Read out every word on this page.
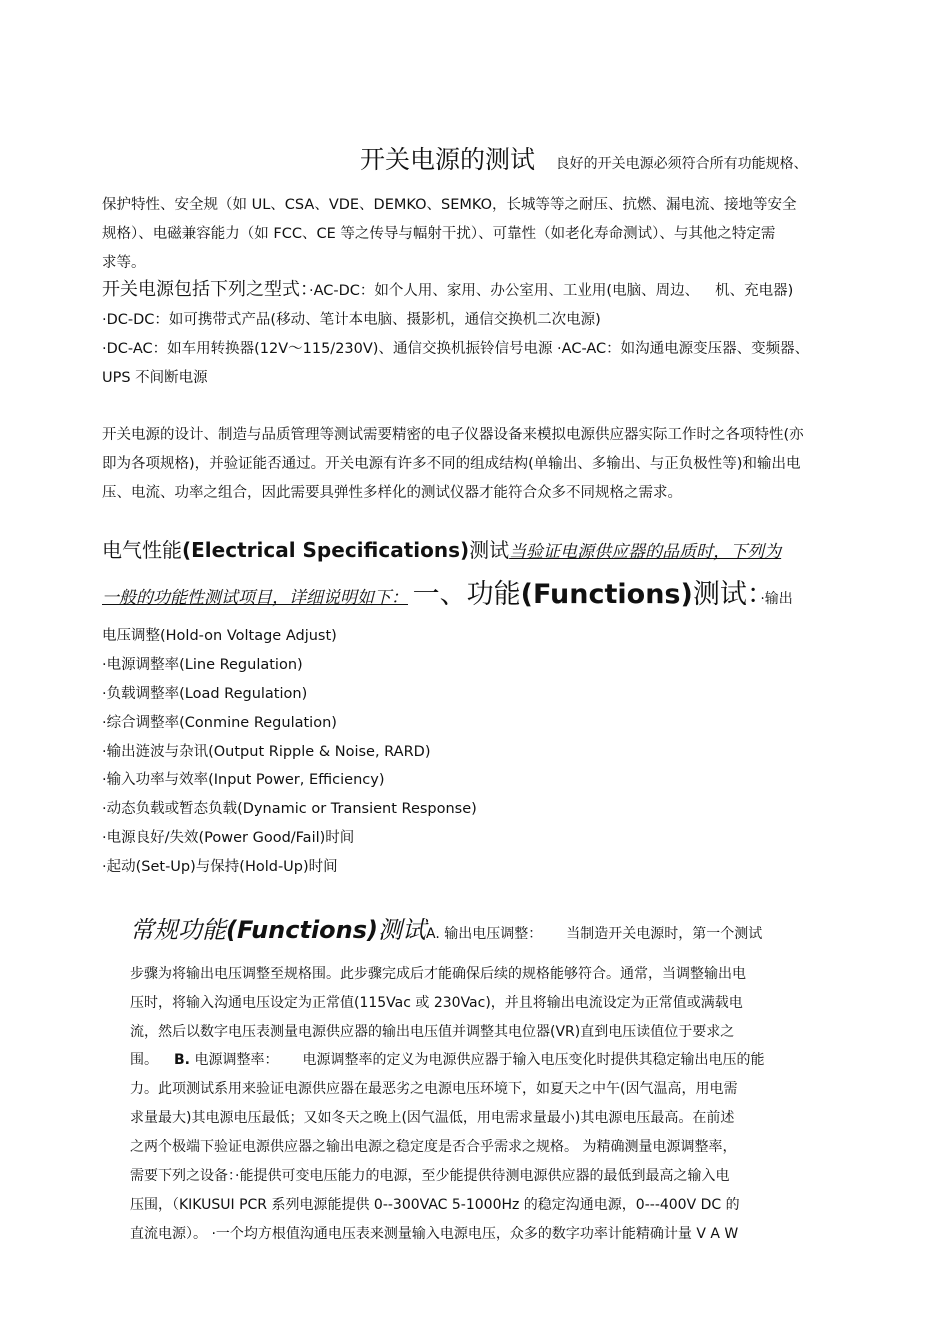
开关电源的测试 良好的开关电源必须符合所有功能规格、

保护特性、安全规（如 UL、CSA、VDE、DEMKO、SEMKO，长城等等之耐压、抗燃、漏电流、接地等安全

规格）、电磁兼容能力（如 FCC、CE 等之传导与幅射干扰）、可靠性（如老化寿命测试）、与其他之特定需

求等。

开关电源包括下列之型式：·AC-DC：如个人用、家用、办公室用、工业用(电脑、周边、 机、充电器)

·DC-DC：如可携带式产品(移动、笔计本电脑、摄影机，通信交换机二次电源)

·DC-AC：如车用转换器(12V～115/230V)、通信交换机振铃信号电源 ·AC-AC：如沟通电源变压器、变频器、

UPS 不间断电源

开关电源的设计、制造与品质管理等测试需要精密的电子仪器设备来模拟电源供应器实际工作时之各项特性(亦

即为各项规格)，并验证能否通过。开关电源有许多不同的组成结构(单输出、多输出、与正负极性等)和输出电

压、电流、功率之组合，因此需要具弹性多样化的测试仪器才能符合众多不同规格之需求。

电气性能(Electrical Specifications)测试当验证电源供应器的品质时，下列为

一般的功能性测试项目，详细说明如下： 一、功能(Functions)测试：·输出

电压调整(Hold-on Voltage Adjust)

·电源调整率(Line Regulation)

·负载调整率(Load Regulation)

·综合调整率(Conmine Regulation)

·输出涟波与杂讯(Output Ripple & Noise, RARD)

·输入功率与效率(Input Power, Efficiency)

·动态负载或暂态负载(Dynamic or Transient Response)

·电源良好/失效(Power Good/Fail)时间

·起动(Set-Up)与保持(Hold-Up)时间

常规功能(Functions)测试A. 输出电压调整： 当制造开关电源时，第一个测试

步骤为将输出电压调整至规格围。此步骤完成后才能确保后续的规格能够符合。通常，当调整输出电

压时，将输入沟通电压设定为正常值(115Vac 或 230Vac)，并且将输出电流设定为正常值或满载电

流，然后以数字电压表测量电源供应器的输出电压值并调整其电位器(VR)直到电压读值位于要求之

围。 B. 电源调整率： 电源调整率的定义为电源供应器于输入电压变化时提供其稳定输出电压的能

力。此项测试系用来验证电源供应器在最恶劣之电源电压环境下，如夏天之中午(因气温高，用电需

求量最大)其电源电压最低；又如冬天之晚上(因气温低，用电需求量最小)其电源电压最高。在前述

之两个极端下验证电源供应器之输出电源之稳定度是否合乎需求之规格。 为精确测量电源调整率，

需要下列之设备：·能提供可变电压能力的电源，至少能提供待测电源供应器的最低到最高之输入电

压围，（KIKUSUI PCR 系列电源能提供 0--300VAC 5-1000Hz 的稳定沟通电源，0---400V DC 的

直流电源）。 ·一个均方根值沟通电压表来测量输入电源电压，众多的数字功率计能精确计量 V A W
